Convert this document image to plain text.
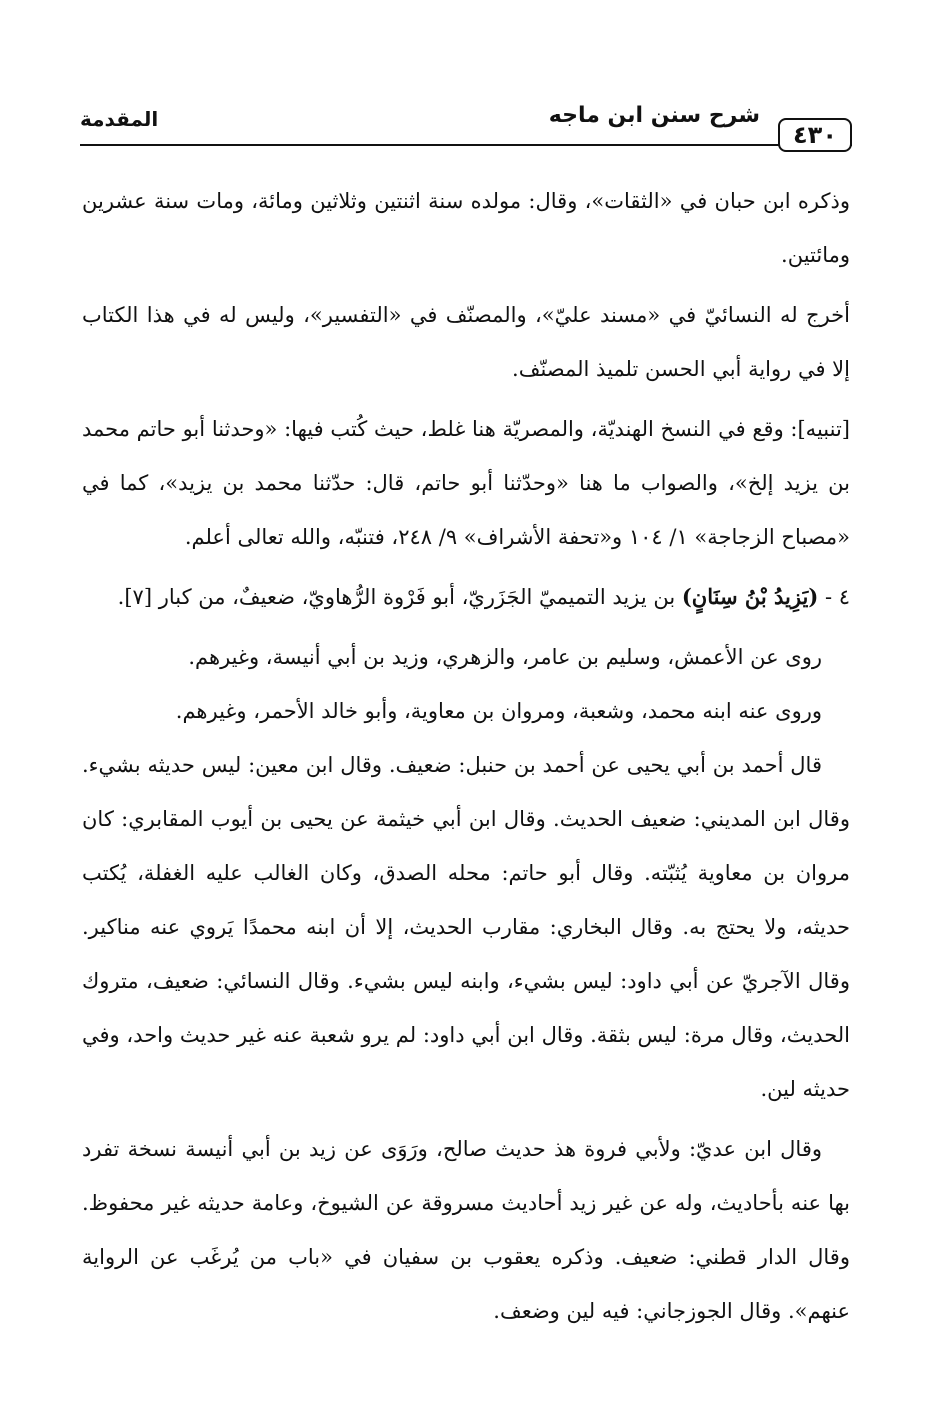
٤٣٠
شرح سنن ابن ماجه
المقدمة

وذكره ابن حبان في «الثقات»، وقال: مولده سنة اثنتين وثلاثين ومائة، ومات سنة عشرين ومائتين.

أخرج له النسائيّ في «مسند عليّ»، والمصنّف في «التفسير»، وليس له في هذا الكتاب إلا في رواية أبي الحسن تلميذ المصنّف.

[تنبيه]: وقع في النسخ الهنديّة، والمصريّة هنا غلط، حيث كُتب فيها: «وحدثنا أبو حاتم محمد بن يزيد إلخ»، والصواب ما هنا «وحدّثنا أبو حاتم، قال: حدّثنا محمد بن يزيد»، كما في «مصباح الزجاجة» ١/ ١٠٤ و«تحفة الأشراف» ٩/ ٢٤٨، فتنبّه، والله تعالى أعلم.

٤ - (يَزِيدُ بْنُ سِنَانٍ) بن يزيد التميميّ الجَزَريّ، أبو فَرْوة الرُّهاويّ، ضعيفٌ، من كبار [٧].

روى عن الأعمش، وسليم بن عامر، والزهري، وزيد بن أبي أنيسة، وغيرهم.

وروى عنه ابنه محمد، وشعبة، ومروان بن معاوية، وأبو خالد الأحمر، وغيرهم.

قال أحمد بن أبي يحيى عن أحمد بن حنبل: ضعيف. وقال ابن معين: ليس حديثه بشيء. وقال ابن المديني: ضعيف الحديث. وقال ابن أبي خيثمة عن يحيى بن أيوب المقابري: كان مروان بن معاوية يُثبّته. وقال أبو حاتم: محله الصدق، وكان الغالب عليه الغفلة، يُكتب حديثه، ولا يحتج به. وقال البخاري: مقارب الحديث، إلا أن ابنه محمدًا يَروي عنه مناكير. وقال الآجريّ عن أبي داود: ليس بشيء، وابنه ليس بشيء. وقال النسائي: ضعيف، متروك الحديث، وقال مرة: ليس بثقة. وقال ابن أبي داود: لم يرو شعبة عنه غير حديث واحد، وفي حديثه لين.

وقال ابن عديّ: ولأبي فروة هذ حديث صالح، ورَوَى عن زيد بن أبي أنيسة نسخة تفرد بها عنه بأحاديث، وله عن غير زيد أحاديث مسروقة عن الشيوخ، وعامة حديثه غير محفوظ. وقال الدار قطني: ضعيف. وذكره يعقوب بن سفيان في «باب من يُرغَب عن الرواية عنهم». وقال الجوزجاني: فيه لين وضعف.
